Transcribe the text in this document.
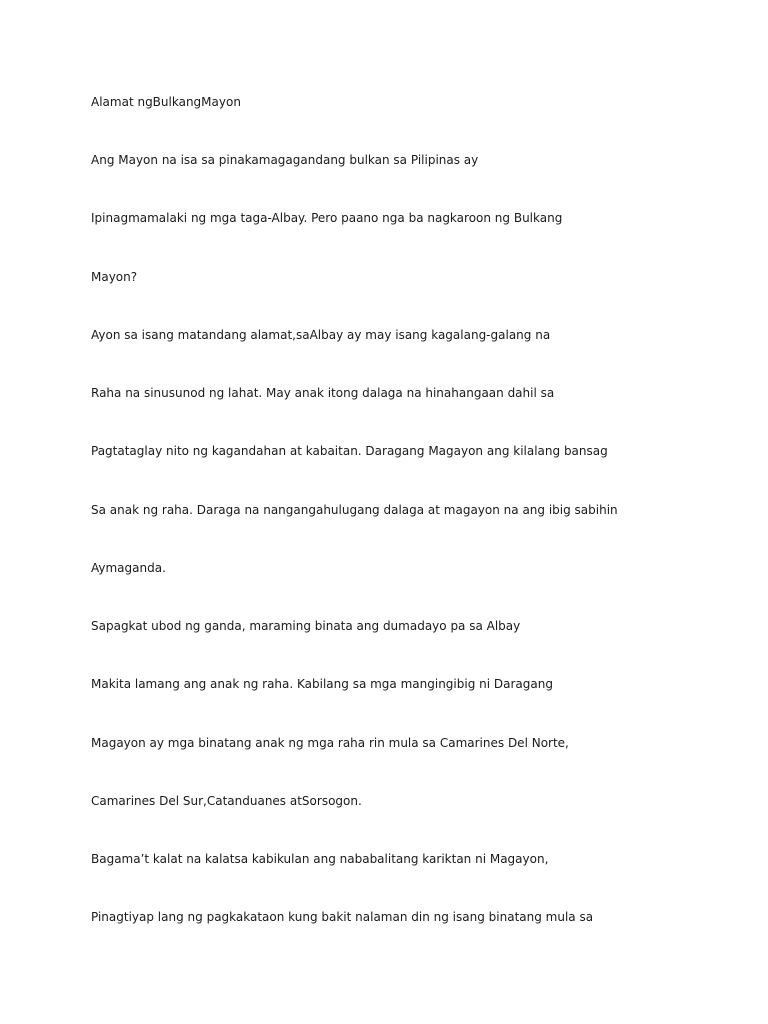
Alamat ngBulkangMayon

Ang Mayon na isa sa pinakamagagandang bulkan sa Pilipinas ay

Ipinagmamalaki ng mga taga-Albay. Pero paano nga ba nagkaroon ng Bulkang

Mayon?

Ayon sa isang matandang alamat,saAlbay ay may isang kagalang-galang na

Raha na sinusunod ng lahat. May anak itong dalaga na hinahangaan dahil sa

Pagtataglay nito ng kagandahan at kabaitan. Daragang Magayon ang kilalang bansag

Sa anak ng raha. Daraga na nangangahulugang dalaga at magayon na ang ibig sabihin

Aymaganda.

Sapagkat ubod ng ganda, maraming binata ang dumadayo pa sa Albay

Makita lamang ang anak ng raha. Kabilang sa mga mangingibig ni Daragang

Magayon ay mga binatang anak ng mga raha rin mula sa Camarines Del Norte,

Camarines Del Sur,Catanduanes atSorsogon.

Bagama’t kalat na kalatsa kabikulan ang nababalitang kariktan ni Magayon,

Pinagtiyap lang ng pagkakataon kung bakit nalaman din ng isang binatang mula sa
